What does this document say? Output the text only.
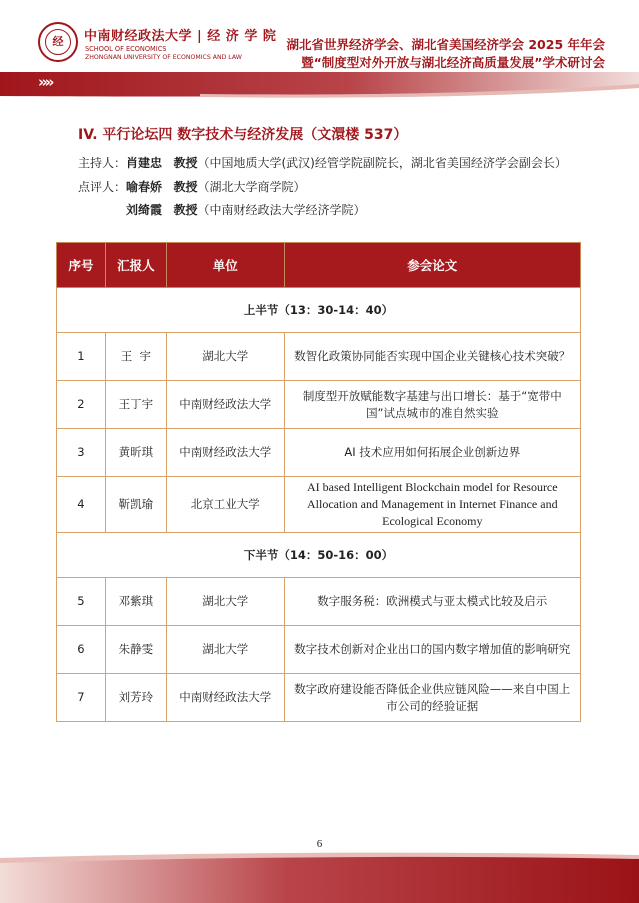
经	中南财经政法大学 | 经 济 学 院
SCHOOL OF ECONOMICS
ZHONGNAN UNIVERSITY OF ECONOMICS AND LAW
湖北省世界经济学会、湖北省美国经济学会 2025 年年会
暨“制度型对外开放与湖北经济高质量发展”学术研讨会
»»
IV. 平行论坛四 数字技术与经济发展（文澴楼 537）
主持人：肖建忠 教授（中国地质大学(武汉)经管学院副院长，湖北省美国经济学会副会长）
点评人：喻春娇 教授（湖北大学商学院）
刘绮霞 教授（中南财经政法大学经济学院）
序号	汇报人	单位	参会论文
上半节（13：30-14：40）			
1	王  宇	湖北大学	数智化政策协同能否实现中国企业关键核心技术突破？
2	王丁宇	中南财经政法大学	制度型开放赋能数字基建与出口增长：基于“宽带中国”试点城市的准自然实验
3	黄昕琪	中南财经政法大学	AI 技术应用如何拓展企业创新边界
4	靳凯瑜	北京工业大学	AI based Intelligent Blockchain model for Resource Allocation and Management in Internet Finance and Ecological Economy
下半节（14：50-16：00）			
5	邓紫琪	湖北大学	数字服务税：欧洲模式与亚太模式比较及启示
6	朱静雯	湖北大学	数字技术创新对企业出口的国内数字增加值的影响研究
7	刘芳玲	中南财经政法大学	数字政府建设能否降低企业供应链风险——来自中国上市公司的经验证据
6
